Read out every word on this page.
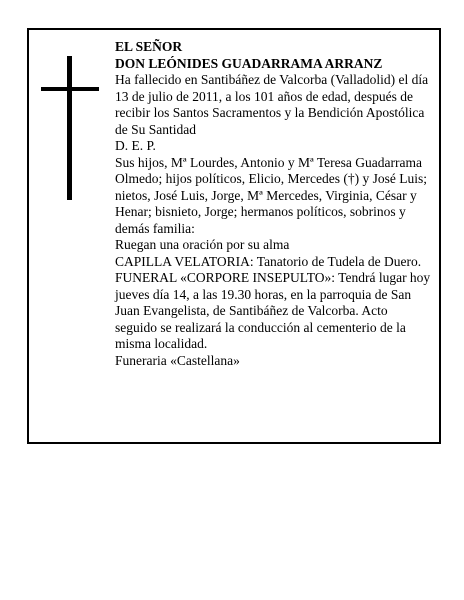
EL SEÑOR

DON LEÓNIDES GUADARRAMA ARRANZ

Ha fallecido en Santibáñez de Valcorba (Valladolid) el día 13 de julio de 2011, a los 101 años de edad, después de recibir los Santos Sacramentos y la Bendición Apostólica de Su Santidad

D. E. P.

Sus hijos, Mª Lourdes, Antonio y Mª Teresa Guadarrama Olmedo; hijos políticos, Elicio, Mercedes (†) y José Luis; nietos, José Luis, Jorge, Mª Mercedes, Virginia, César y Henar; bisnieto, Jorge; hermanos políticos, sobrinos y demás familia:

Ruegan una oración por su alma

CAPILLA VELATORIA: Tanatorio de Tudela de Duero.

FUNERAL «CORPORE INSEPULTO»: Tendrá lugar hoy jueves día 14, a las 19.30 horas, en la parroquia de San Juan Evangelista, de Santibáñez de Valcorba. Acto seguido se realizará la conducción al cementerio de la misma localidad.

Funeraria «Castellana»
